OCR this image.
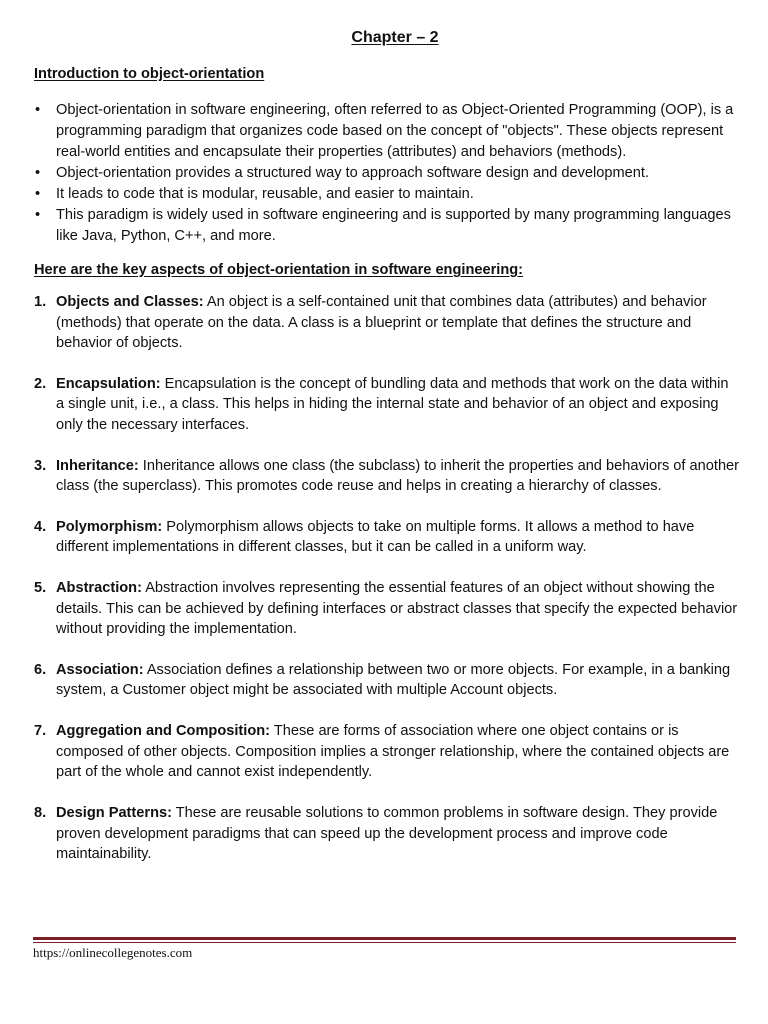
Chapter – 2
Introduction to object-orientation
• Object-orientation in software engineering, often referred to as Object-Oriented Programming (OOP), is a programming paradigm that organizes code based on the concept of "objects". These objects represent real-world entities and encapsulate their properties (attributes) and behaviors (methods).
• Object-orientation provides a structured way to approach software design and development.
• It leads to code that is modular, reusable, and easier to maintain.
• This paradigm is widely used in software engineering and is supported by many programming languages like Java, Python, C++, and more.
Here are the key aspects of object-orientation in software engineering:
1. Objects and Classes: An object is a self-contained unit that combines data (attributes) and behavior (methods) that operate on the data. A class is a blueprint or template that defines the structure and behavior of objects.
2. Encapsulation: Encapsulation is the concept of bundling data and methods that work on the data within a single unit, i.e., a class. This helps in hiding the internal state and behavior of an object and exposing only the necessary interfaces.
3. Inheritance: Inheritance allows one class (the subclass) to inherit the properties and behaviors of another class (the superclass). This promotes code reuse and helps in creating a hierarchy of classes.
4. Polymorphism: Polymorphism allows objects to take on multiple forms. It allows a method to have different implementations in different classes, but it can be called in a uniform way.
5. Abstraction: Abstraction involves representing the essential features of an object without showing the details. This can be achieved by defining interfaces or abstract classes that specify the expected behavior without providing the implementation.
6. Association: Association defines a relationship between two or more objects. For example, in a banking system, a Customer object might be associated with multiple Account objects.
7. Aggregation and Composition: These are forms of association where one object contains or is composed of other objects. Composition implies a stronger relationship, where the contained objects are part of the whole and cannot exist independently.
8. Design Patterns: These are reusable solutions to common problems in software design. They provide proven development paradigms that can speed up the development process and improve code maintainability.
https://onlinecollegenotes.com
